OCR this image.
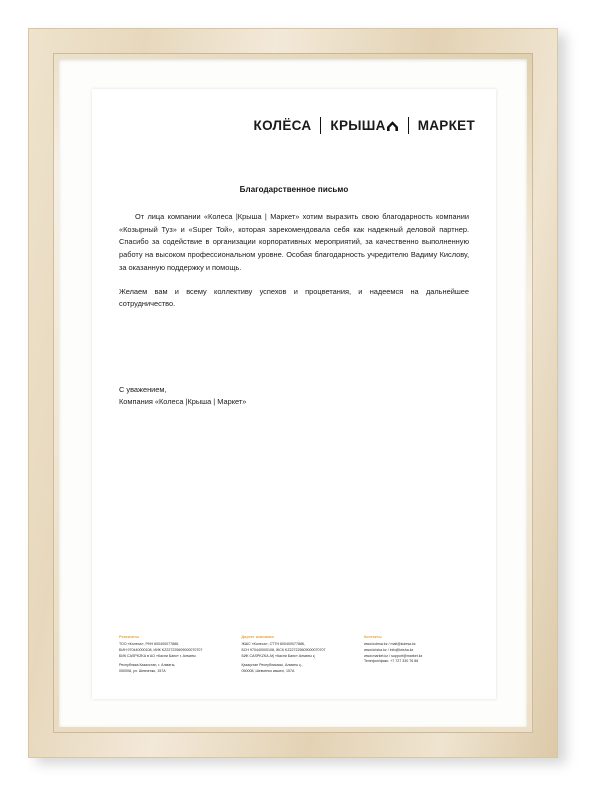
КОЛЁСА КРЫША МАРКЕТ
Благодарственное письмо

От лица компании «Колеса |Крыша | Маркет» хотим выразить свою благодарность компании «Козырный Туз» и «Super Той», которая зарекомендовала себя как надежный деловой партнер. Спасибо за содействие в организации корпоративных мероприятий, за качественно выполненную работу на высоком профессиональном уровне. Особая благодарность учредителю Вадиму Кислову, за оказанную поддержку и помощь.

Желаем вам и всему коллективу успехов и процветания, и надеемся на дальнейшее сотрудничество.

С уважением,
Компания «Колеса |Крыша | Маркет»
Реквизиты
ТОО «Колеса», РНН 600400077886,
БИН 970440000108, ИИК KZ227225609000070707
БИК CASPKZKA в АО «Каспи Банк» г. Алматы
Республика Казахстан, г. Алматы,
050008, ул. Шевченко, 157А
Директ компании
ЖШС «Колеса», СТТН 600400077886,
БСН 970440000108, ЖСК KZ227225609000070707
БИК CASPKZKA АҚ «Каспи Банк» Алматы қ.
Қазақстан Республикасы, Алматы қ.,
050008, Шевченко көшесі, 157А
Контакты
www.kolesa.kz / mail@kolesa.kz
www.krisha.kz / info@krisha.kz
www.market.kz / support@market.kz
Телефон/факс: +7 727 330 76 86
